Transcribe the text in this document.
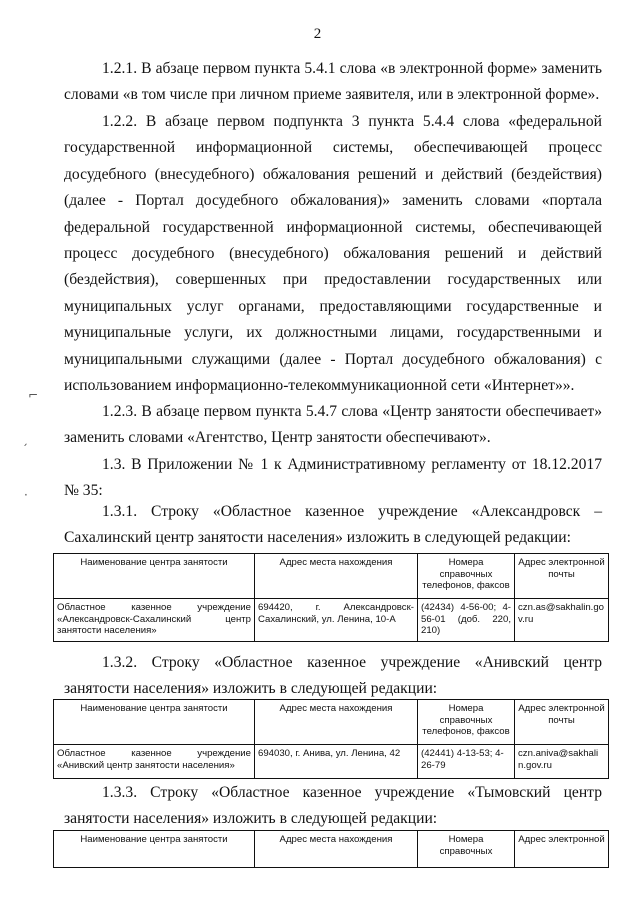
2

1.2.1. В абзаце первом пункта 5.4.1 слова «в электронной форме» заменить словами «в том числе при личном приеме заявителя, или в электронной форме».

1.2.2. В абзаце первом подпункта 3 пункта 5.4.4 слова «федеральной государственной информационной системы, обеспечивающей процесс досудебного (внесудебного) обжалования решений и действий (бездействия) (далее - Портал досудебного обжалования)» заменить словами «портала федеральной государственной информационной системы, обеспечивающей процесс досудебного (внесудебного) обжалования решений и действий (бездействия), совершенных при предоставлении государственных или муниципальных услуг органами, предоставляющими государственные и муниципальные услуги, их должностными лицами, государственными и муниципальными служащими (далее - Портал досудебного обжалования) с использованием информационно-телекоммуникационной сети «Интернет»».

1.2.3. В абзаце первом пункта 5.4.7 слова «Центр занятости обеспечивает» заменить словами «Агентство, Центр занятости обеспечивают».

1.3. В Приложении № 1 к Административному регламенту от 18.12.2017 № 35:

1.3.1. Строку «Областное казенное учреждение «Александровск – Сахалинский центр занятости населения» изложить в следующей редакции:

Наименование центра занятости	Адрес места нахождения	Номера справочных телефонов, факсов	Адрес электронной почты
Областное казенное учреждение «Александровск-Сахалинский центр занятости населения»	694420, г. Александровск-Сахалинский, ул. Ленина, 10-А	(42434) 4-56-00; 4-56-01 (доб. 220, 210)	czn.as@sakhalin.gov.ru

1.3.2. Строку «Областное казенное учреждение «Анивский центр занятости населения» изложить в следующей редакции:

Наименование центра занятости	Адрес места нахождения	Номера справочных телефонов, факсов	Адрес электронной почты
Областное казенное учреждение «Анивский центр занятости населения»	694030, г. Анива, ул. Ленина, 42	(42441) 4-13-53; 4-26-79	czn.aniva@sakhalin.gov.ru

1.3.3. Строку «Областное казенное учреждение «Тымовский центр занятости населения» изложить в следующей редакции:

Наименование центра занятости	Адрес места нахождения	Номера справочных	Адрес электронной
⌐
ˏ
·
